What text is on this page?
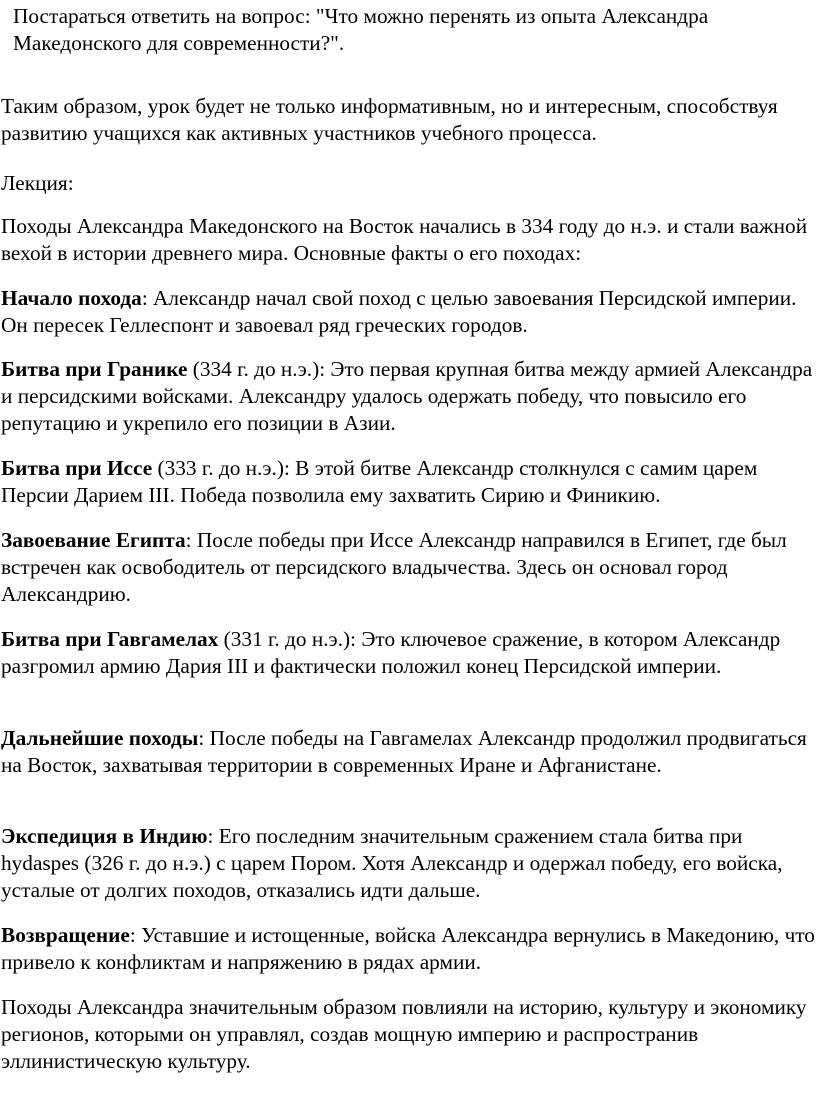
Постараться ответить на вопрос: "Что можно перенять из опыта Александра Македонского для современности?".

Таким образом, урок будет не только информативным, но и интересным, способствуя развитию учащихся как активных участников учебного процесса.

Лекция:

Походы Александра Македонского на Восток начались в 334 году до н.э. и стали важной вехой в истории древнего мира. Основные факты о его походах:

Начало похода: Александр начал свой поход с целью завоевания Персидской империи. Он пересек Геллеспонт и завоевал ряд греческих городов.

Битва при Гранике (334 г. до н.э.): Это первая крупная битва между армией Александра и персидскими войсками. Александру удалось одержать победу, что повысило его репутацию и укрепило его позиции в Азии.

Битва при Иссе (333 г. до н.э.): В этой битве Александр столкнулся с самим царем Персии Дарием III. Победа позволила ему захватить Сирию и Финикию.

Завоевание Египта: После победы при Иссе Александр направился в Египет, где был встречен как освободитель от персидского владычества. Здесь он основал город Александрию.

Битва при Гавгамелах (331 г. до н.э.): Это ключевое сражение, в котором Александр разгромил армию Дария III и фактически положил конец Персидской империи.

Дальнейшие походы: После победы на Гавгамелах Александр продолжил продвигаться на Восток, захватывая территории в современных Иране и Афганистане.

Экспедиция в Индию: Его последним значительным сражением стала битва при hydaspes (326 г. до н.э.) с царем Пором. Хотя Александр и одержал победу, его войска, усталые от долгих походов, отказались идти дальше.

Возвращение: Уставшие и истощенные, войска Александра вернулись в Македонию, что привело к конфликтам и напряжению в рядах армии.

Походы Александра значительным образом повлияли на историю, культуру и экономику регионов, которыми он управлял, создав мощную империю и распространив эллинистическую культуру.
